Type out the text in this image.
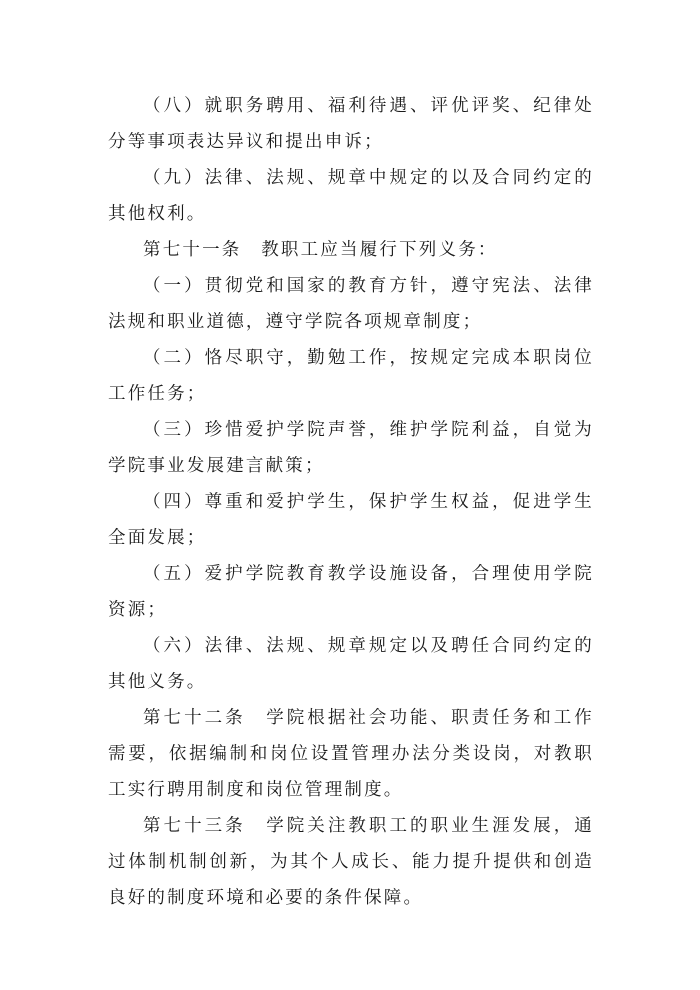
（八）就职务聘用、福利待遇、评优评奖、纪律处分等事项表达异议和提出申诉；

（九）法律、法规、规章中规定的以及合同约定的其他权利。

第七十一条　教职工应当履行下列义务：

（一）贯彻党和国家的教育方针，遵守宪法、法律法规和职业道德，遵守学院各项规章制度；

（二）恪尽职守，勤勉工作，按规定完成本职岗位工作任务；

（三）珍惜爱护学院声誉，维护学院利益，自觉为学院事业发展建言献策；

（四）尊重和爱护学生，保护学生权益，促进学生全面发展；

（五）爱护学院教育教学设施设备，合理使用学院资源；

（六）法律、法规、规章规定以及聘任合同约定的其他义务。

第七十二条　学院根据社会功能、职责任务和工作需要，依据编制和岗位设置管理办法分类设岗，对教职工实行聘用制度和岗位管理制度。

第七十三条　学院关注教职工的职业生涯发展，通过体制机制创新，为其个人成长、能力提升提供和创造良好的制度环境和必要的条件保障。
